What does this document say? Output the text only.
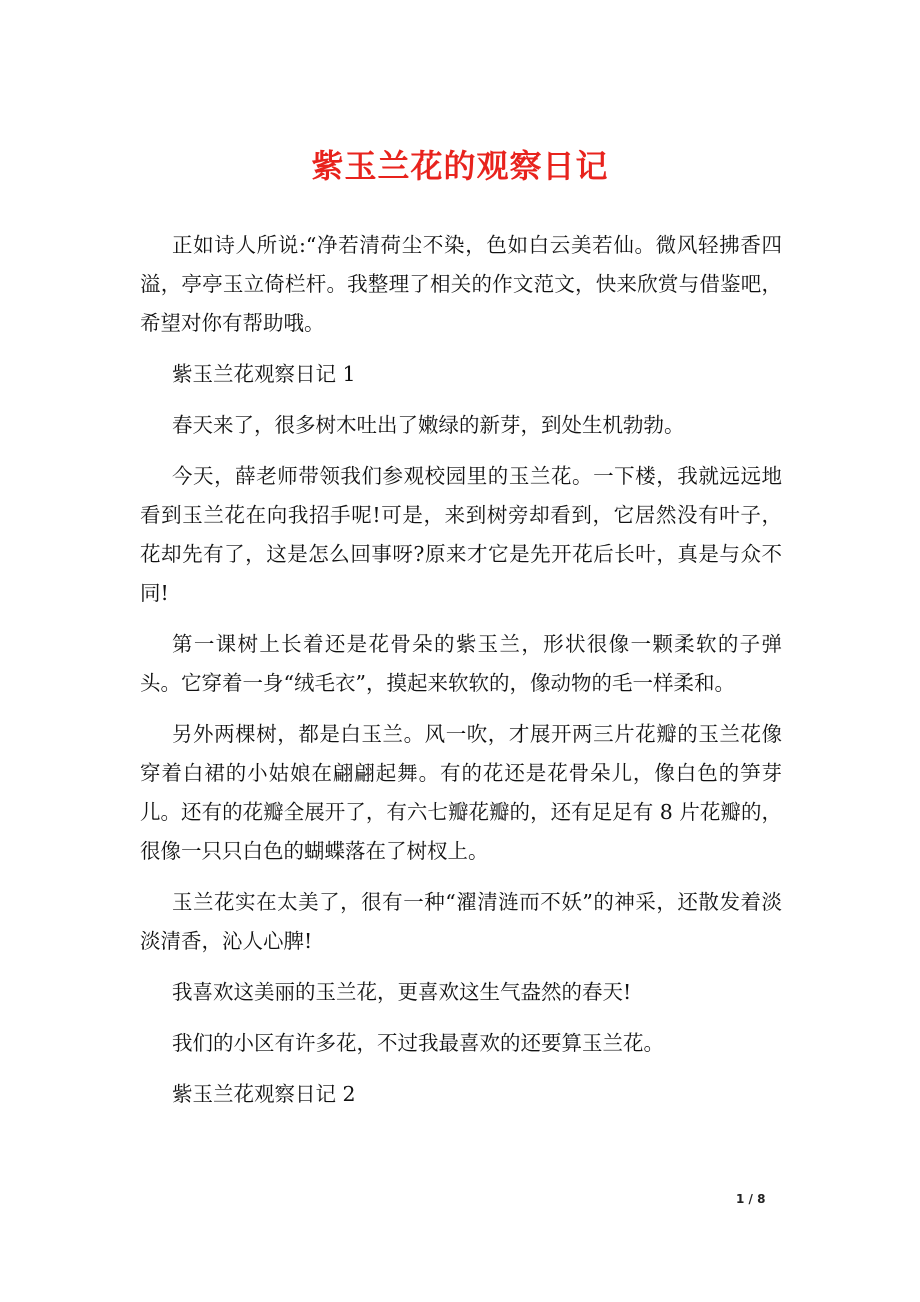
紫玉兰花的观察日记

正如诗人所说:“净若清荷尘不染，色如白云美若仙。微风轻拂香四溢，亭亭玉立倚栏杆。我整理了相关的作文范文，快来欣赏与借鉴吧，希望对你有帮助哦。

紫玉兰花观察日记 1

春天来了，很多树木吐出了嫩绿的新芽，到处生机勃勃。

今天，薛老师带领我们参观校园里的玉兰花。一下楼，我就远远地看到玉兰花在向我招手呢!可是，来到树旁却看到，它居然没有叶子，花却先有了，这是怎么回事呀?原来才它是先开花后长叶，真是与众不同!

第一课树上长着还是花骨朵的紫玉兰，形状很像一颗柔软的子弹头。它穿着一身“绒毛衣”，摸起来软软的，像动物的毛一样柔和。

另外两棵树，都是白玉兰。风一吹，才展开两三片花瓣的玉兰花像穿着白裙的小姑娘在翩翩起舞。有的花还是花骨朵儿，像白色的笋芽儿。还有的花瓣全展开了，有六七瓣花瓣的，还有足足有 8 片花瓣的，很像一只只白色的蝴蝶落在了树杈上。

玉兰花实在太美了，很有一种“濯清涟而不妖”的神采，还散发着淡淡清香，沁人心脾!

我喜欢这美丽的玉兰花，更喜欢这生气盎然的春天!

我们的小区有许多花，不过我最喜欢的还要算玉兰花。

紫玉兰花观察日记 2

1 / 8
